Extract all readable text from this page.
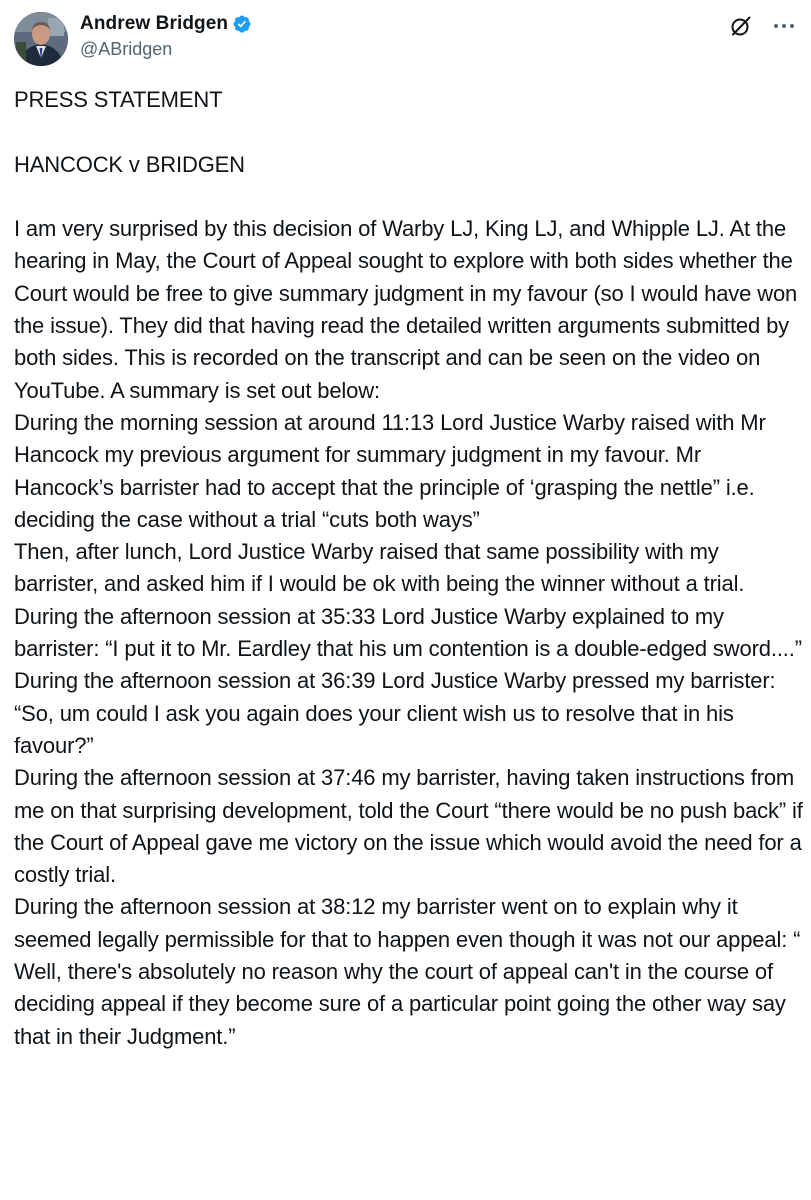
Andrew Bridgen
@ABridgen

PRESS STATEMENT

HANCOCK v BRIDGEN

I am very surprised by this decision of Warby LJ, King LJ, and Whipple LJ. At the hearing in May, the Court of Appeal sought to explore with both sides whether the Court would be free to give summary judgment in my favour (so I would have won the issue). They did that having read the detailed written arguments submitted by both sides. This is recorded on the transcript and can be seen on the video on YouTube. A summary is set out below:

During the morning session at around 11:13 Lord Justice Warby raised with Mr Hancock my previous argument for summary judgment in my favour. Mr Hancock’s barrister had to accept that the principle of ‘grasping the nettle” i.e. deciding the case without a trial “cuts both ways”

Then, after lunch, Lord Justice Warby raised that same possibility with my barrister, and asked him if I would be ok with being the winner without a trial.

During the afternoon session at 35:33 Lord Justice Warby explained to my barrister: “I put it to Mr. Eardley that his um contention is a double-edged sword....”

During the afternoon session at 36:39 Lord Justice Warby pressed my barrister: “So, um could I ask you again does your client wish us to resolve that in his favour?”

During the afternoon session at 37:46 my barrister, having taken instructions from me on that surprising development, told the Court “there would be no push back” if the Court of Appeal gave me victory on the issue which would avoid the need for a costly trial.

During the afternoon session at 38:12 my barrister went on to explain why it seemed legally permissible for that to happen even though it was not our appeal: “ Well, there's absolutely no reason why the court of appeal can't in the course of deciding appeal if they become sure of a particular point going the other way say that in their Judgment.”
